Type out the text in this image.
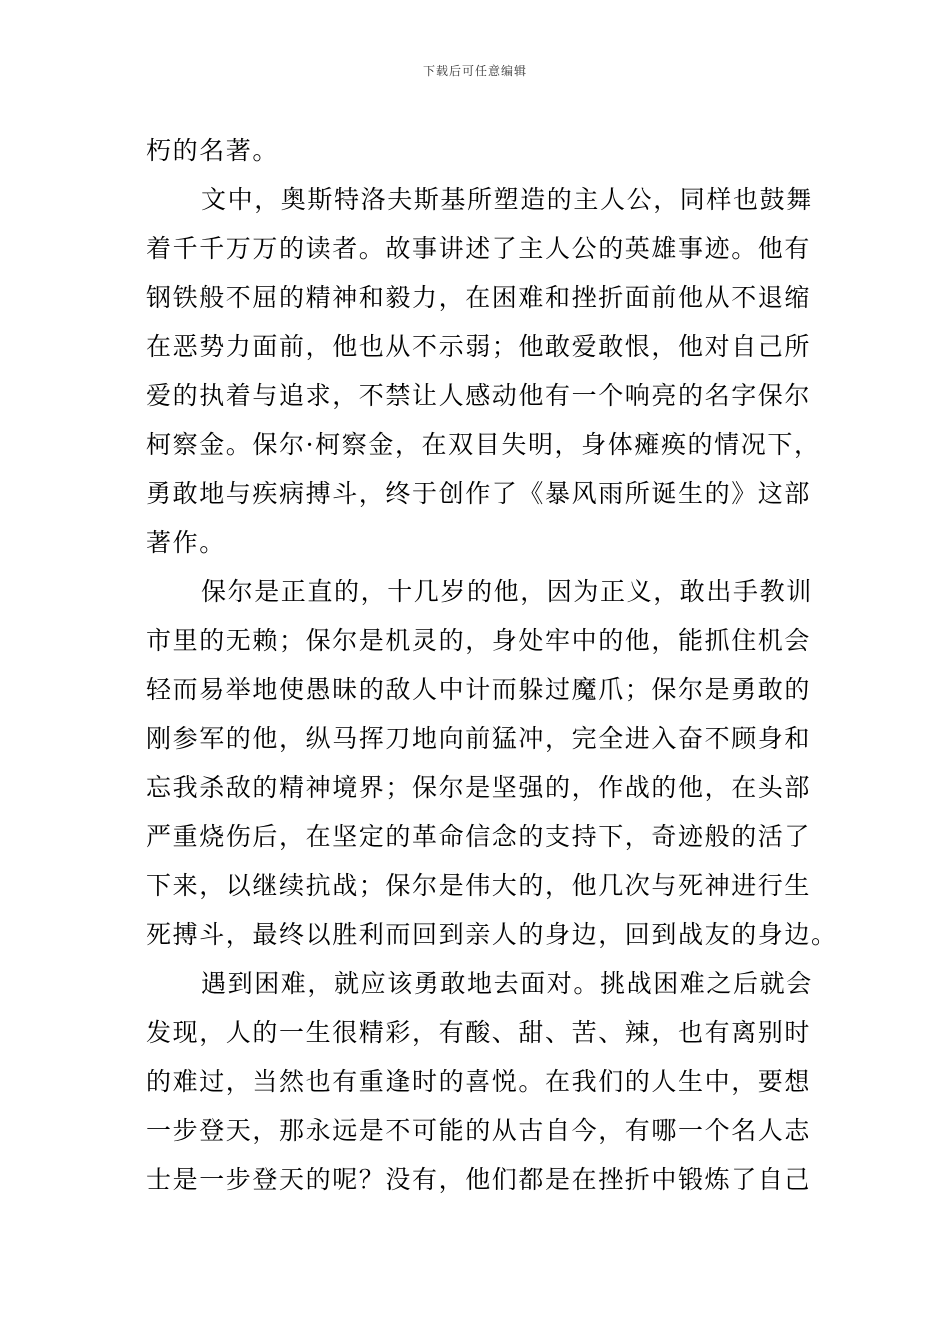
下载后可任意编辑
朽的名著。
文中，奥斯特洛夫斯基所塑造的主人公，同样也鼓舞
着千千万万的读者。故事讲述了主人公的英雄事迹。他有
钢铁般不屈的精神和毅力，在困难和挫折面前他从不退缩
在恶势力面前，他也从不示弱；他敢爱敢恨，他对自己所
爱的执着与追求，不禁让人感动他有一个响亮的名字保尔
柯察金。保尔·柯察金，在双目失明，身体瘫痪的情况下，
勇敢地与疾病搏斗，终于创作了《暴风雨所诞生的》这部
著作。
保尔是正直的，十几岁的他，因为正义，敢出手教训
市里的无赖；保尔是机灵的，身处牢中的他，能抓住机会
轻而易举地使愚昧的敌人中计而躲过魔爪；保尔是勇敢的
刚参军的他，纵马挥刀地向前猛冲，完全进入奋不顾身和
忘我杀敌的精神境界；保尔是坚强的，作战的他，在头部
严重烧伤后，在坚定的革命信念的支持下，奇迹般的活了
下来，以继续抗战；保尔是伟大的，他几次与死神进行生
死搏斗，最终以胜利而回到亲人的身边，回到战友的身边。
遇到困难，就应该勇敢地去面对。挑战困难之后就会
发现，人的一生很精彩，有酸、甜、苦、辣，也有离别时
的难过，当然也有重逢时的喜悦。在我们的人生中，要想
一步登天，那永远是不可能的从古自今，有哪一个名人志
士是一步登天的呢？没有，他们都是在挫折中锻炼了自己
